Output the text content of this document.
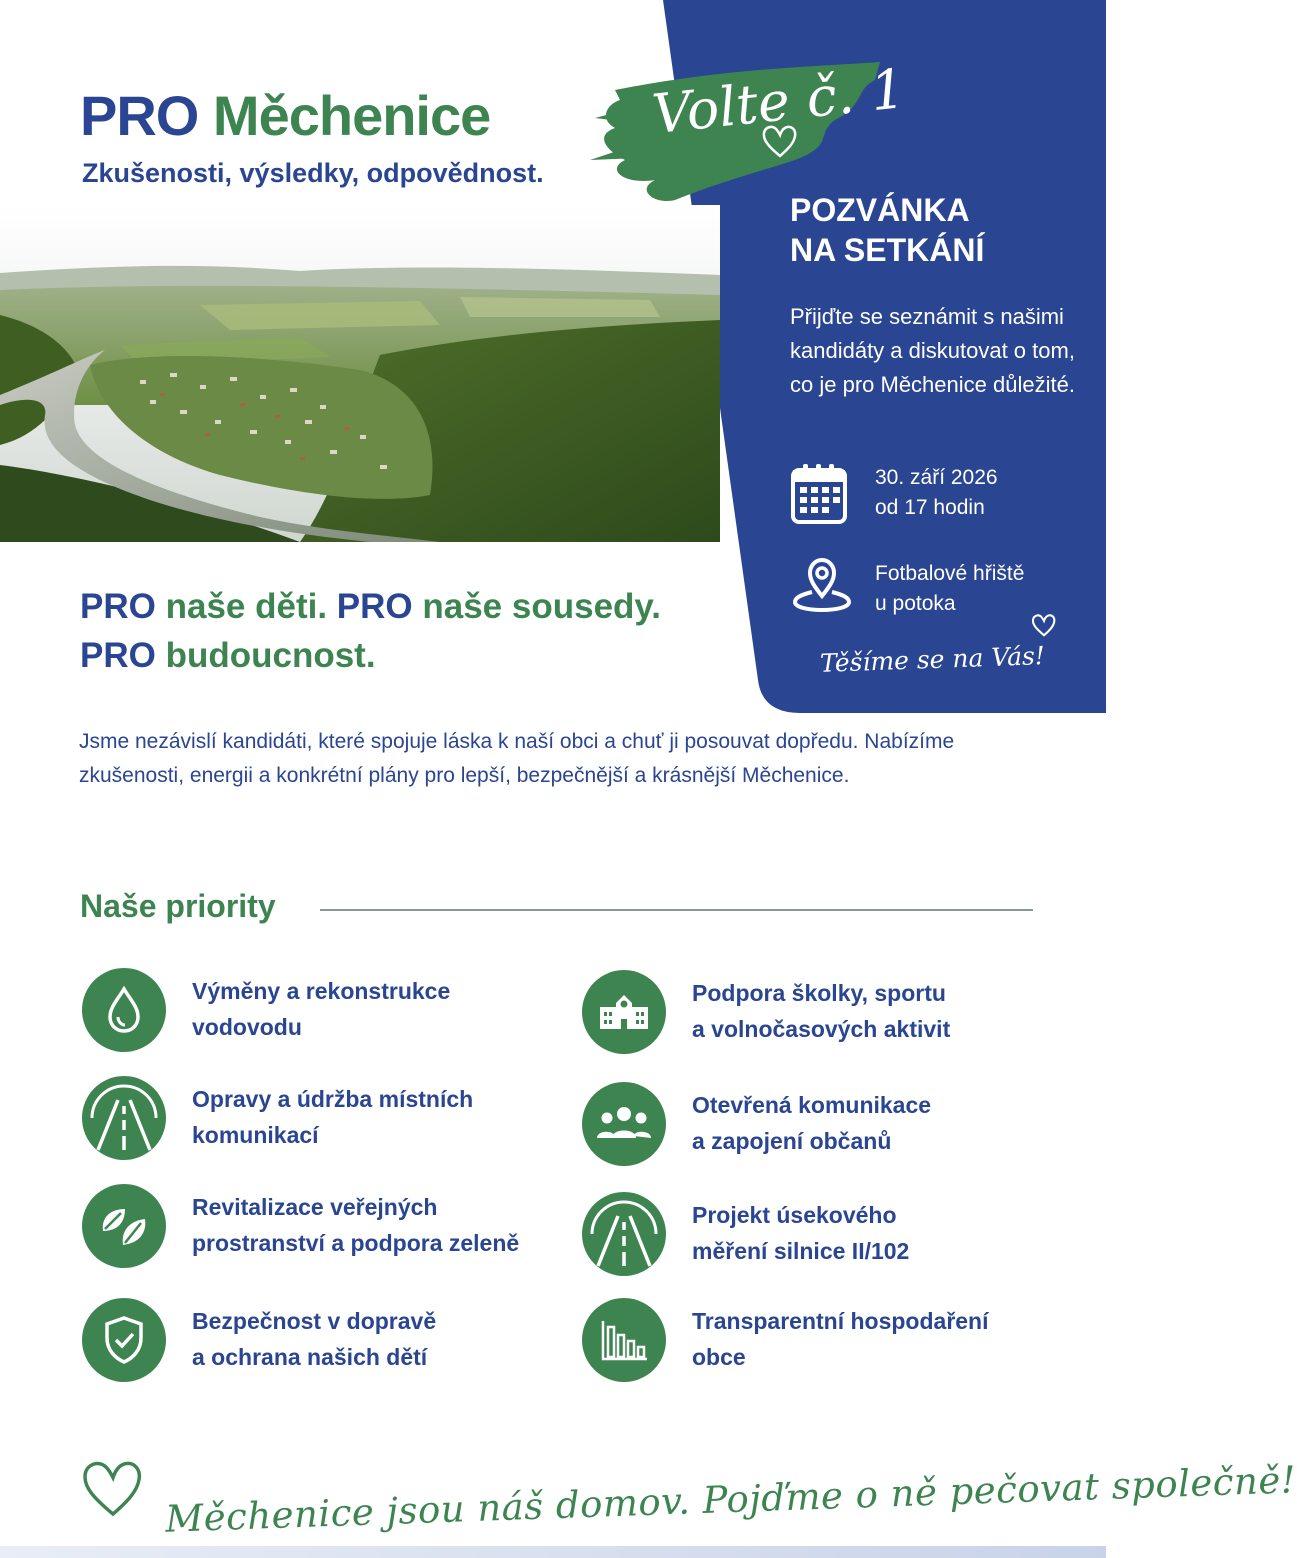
PRO Měchenice
Zkušenosti, výsledky, odpovědnost.
Volte č. 1
POZVÁNKA
NA SETKÁNÍ
Přijďte se seznámit s našimi kandidáty a diskutovat o tom, co je pro Měchenice důležité.
30. září 2026
od 17 hodin
Fotbalové hřiště
u potoka
Těšíme se na Vás!
PRO naše děti. PRO naše sousedy.
PRO budoucnost.
Jsme nezávislí kandidáti, které spojuje láska k naší obci a chuť ji posouvat dopředu. Nabízíme zkušenosti, energii a konkrétní plány pro lepší, bezpečnější a krásnější Měchenice.
Naše priority
Výměny a rekonstrukce
vodovodu
Podpora školky, sportu
a volnočasových aktivit
Opravy a údržba místních
komunikací
Otevřená komunikace
a zapojení občanů
Revitalizace veřejných
prostranství a podpora zeleně
Projekt úsekového
měření silnice II/102
Bezpečnost v dopravě
a ochrana našich dětí
Transparentní hospodaření
obce
Měchenice jsou náš domov. Pojďme o ně pečovat společně!
